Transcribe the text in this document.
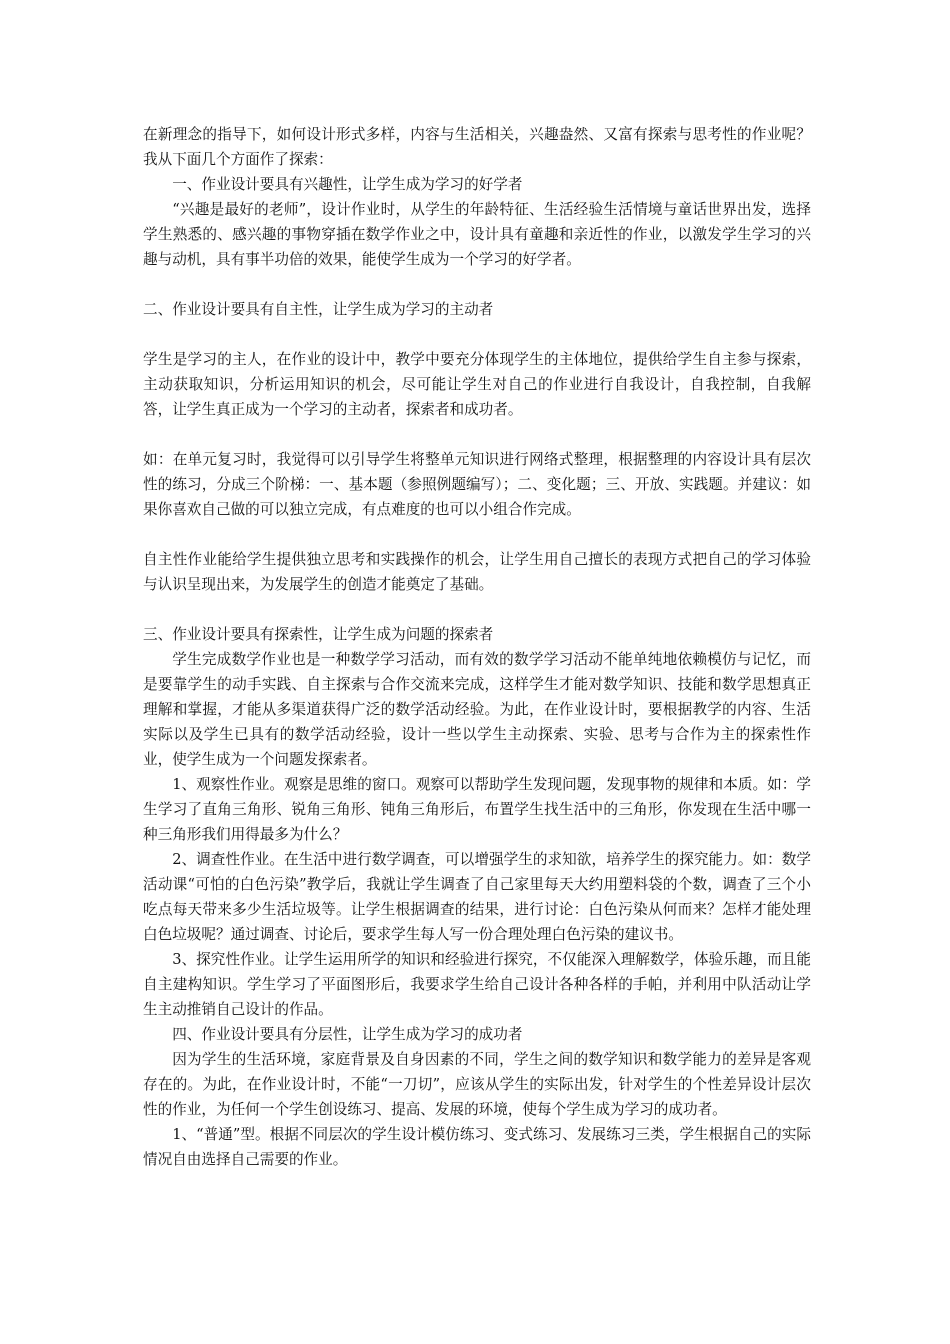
在新理念的指导下，如何设计形式多样，内容与生活相关，兴趣盎然、又富有探索与思考性的作业呢？我从下面几个方面作了探索：

一、作业设计要具有兴趣性，让学生成为学习的好学者

“兴趣是最好的老师”，设计作业时，从学生的年龄特征、生活经验生活情境与童话世界出发，选择学生熟悉的、感兴趣的事物穿插在数学作业之中，设计具有童趣和亲近性的作业，以激发学生学习的兴趣与动机，具有事半功倍的效果，能使学生成为一个学习的好学者。

二、作业设计要具有自主性，让学生成为学习的主动者

学生是学习的主人，在作业的设计中，教学中要充分体现学生的主体地位，提供给学生自主参与探索，主动获取知识，分析运用知识的机会，尽可能让学生对自己的作业进行自我设计，自我控制，自我解答，让学生真正成为一个学习的主动者，探索者和成功者。

如：在单元复习时，我觉得可以引导学生将整单元知识进行网络式整理，根据整理的内容设计具有层次性的练习，分成三个阶梯：一、基本题（参照例题编写）；二、变化题；三、开放、实践题。并建议：如果你喜欢自己做的可以独立完成，有点难度的也可以小组合作完成。

自主性作业能给学生提供独立思考和实践操作的机会，让学生用自己擅长的表现方式把自己的学习体验与认识呈现出来，为发展学生的创造才能奠定了基础。

三、作业设计要具有探索性，让学生成为问题的探索者

学生完成数学作业也是一种数学学习活动，而有效的数学学习活动不能单纯地依赖模仿与记忆，而是要靠学生的动手实践、自主探索与合作交流来完成，这样学生才能对数学知识、技能和数学思想真正理解和掌握，才能从多渠道获得广泛的数学活动经验。为此，在作业设计时，要根据教学的内容、生活实际以及学生已具有的数学活动经验，设计一些以学生主动探索、实验、思考与合作为主的探索性作业，使学生成为一个问题发探索者。

1、观察性作业。观察是思维的窗口。观察可以帮助学生发现问题，发现事物的规律和本质。如：学生学习了直角三角形、锐角三角形、钝角三角形后，布置学生找生活中的三角形，你发现在生活中哪一种三角形我们用得最多为什么？

2、调查性作业。在生活中进行数学调查，可以增强学生的求知欲，培养学生的探究能力。如：数学活动课“可怕的白色污染”教学后，我就让学生调查了自己家里每天大约用塑料袋的个数，调查了三个小吃点每天带来多少生活垃圾等。让学生根据调查的结果，进行讨论：白色污染从何而来？怎样才能处理白色垃圾呢？通过调查、讨论后，要求学生每人写一份合理处理白色污染的建议书。

3、探究性作业。让学生运用所学的知识和经验进行探究，不仅能深入理解数学，体验乐趣，而且能自主建构知识。学生学习了平面图形后，我要求学生给自己设计各种各样的手帕，并利用中队活动让学生主动推销自己设计的作品。

四、作业设计要具有分层性，让学生成为学习的成功者

因为学生的生活环境，家庭背景及自身因素的不同，学生之间的数学知识和数学能力的差异是客观存在的。为此，在作业设计时，不能“一刀切”，应该从学生的实际出发，针对学生的个性差异设计层次性的作业，为任何一个学生创设练习、提高、发展的环境，使每个学生成为学习的成功者。

1、“普通”型。根据不同层次的学生设计模仿练习、变式练习、发展练习三类，学生根据自己的实际情况自由选择自己需要的作业。
